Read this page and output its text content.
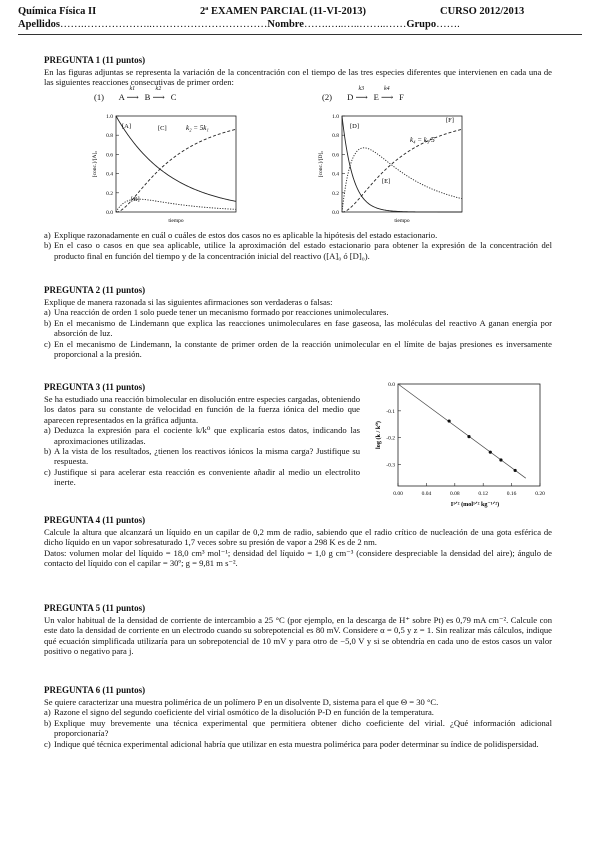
Química Física II	2ª EXAMEN PARCIAL (11-VI-2013)	CURSO 2012/2013
Apellidos…….………………..……………………………Nombre…….…..…..……..……Grupo…….
PREGUNTA 1 (11 puntos)
En las figuras adjuntas se representa la variación de la concentración con el tiempo de las tres especies diferentes que intervienen en cada una de las siguientes reacciones consecutivas de primer orden:
(1) A
k1
⟶ B
k2
⟶ C	(2) D
k3
⟶ E
k4
⟶ F
0.0
0.2
0.4
0.6
0.8
1.0
tiempo
[conc.]/[A]₀
[A]
[B]
[C]	k₂ = 5k₁
0.0
0.2
0.4
0.6
0.8
1.0
tiempo
[conc.]/[D]₀
[D]
[E]
[F]
k₄ = k₃/5
a) Explique razonadamente en cuál o cuáles de estos dos casos no es aplicable la hipótesis del estado estacionario.
b) En el caso o casos en que sea aplicable, utilice la aproximación del estado estacionario para obtener la expresión de la concentración del producto final en función del tiempo y de la concentración inicial del reactivo ([A]₀ ó [D]₀).
PREGUNTA 2 (11 puntos)
Explique de manera razonada si las siguientes afirmaciones son verdaderas o falsas:
a) Una reacción de orden 1 solo puede tener un mecanismo formado por reacciones unimoleculares.
b) En el mecanismo de Lindemann que explica las reacciones unimoleculares en fase gaseosa, las moléculas del reactivo A ganan energía por absorción de luz.
c) En el mecanismo de Lindemann, la constante de primer orden de la reacción unimolecular en el límite de bajas presiones es inversamente proporcional a la presión.
PREGUNTA 3 (11 puntos)
Se ha estudiado una reacción bimolecular en disolución entre especies cargadas, obteniendo los datos para su constante de velocidad en función de la fuerza iónica del medio que aparecen representados en la gráfica adjunta.
a) Deduzca la expresión para el cociente k/k⁰ que explicaría estos datos, indicando las aproximaciones utilizadas.
b) A la vista de los resultados, ¿tienen los reactivos iónicos la misma carga? Justifique su respuesta.
c) Justifique si para acelerar esta reacción es conveniente añadir al medio un electrolito inerte.
0.00	0.04	0.08	0.12	0.16	0.20
0.0
-0.1
-0.2
-0.3
I¹ᐟ² (mol¹ᐟ² kg⁻¹ᐟ²)
log (k / k⁰)
PREGUNTA 4 (11 puntos)
Calcule la altura que alcanzará un líquido en un capilar de 0,2 mm de radio, sabiendo que el radio crítico de nucleación de una gota esférica de dicho líquido en un vapor sobresaturado 1,7 veces sobre su presión de vapor a 298 K es de 2 nm.
Datos: volumen molar del líquido = 18,0 cm³ mol⁻¹; densidad del líquido = 1,0 g cm⁻³ (considere despreciable la densidad del aire); ángulo de contacto del líquido con el capilar = 30º; g = 9,81 m s⁻².
PREGUNTA 5 (11 puntos)
Un valor habitual de la densidad de corriente de intercambio a 25 °C (por ejemplo, en la descarga de H⁺ sobre Pt) es 0,79 mA cm⁻². Calcule con este dato la densidad de corriente en un electrodo cuando su sobrepotencial es 80 mV. Considere α = 0,5 y z = 1. Sin realizar más cálculos, indique qué ecuación simplificada utilizaría para un sobrepotencial de 10 mV y para otro de −5,0 V y si se obtendría en cada uno de estos casos un valor positivo o negativo para j.
PREGUNTA 6 (11 puntos)
Se quiere caracterizar una muestra polimérica de un polímero P en un disolvente D, sistema para el que Θ = 30 °C.
a) Razone el signo del segundo coeficiente del virial osmótico de la disolución P-D en función de la temperatura.
b) Explique muy brevemente una técnica experimental que permitiera obtener dicho coeficiente del virial. ¿Qué información adicional proporcionaría?
c) Indique qué técnica experimental adicional habría que utilizar en esta muestra polimérica para poder determinar su índice de polidispersidad.
